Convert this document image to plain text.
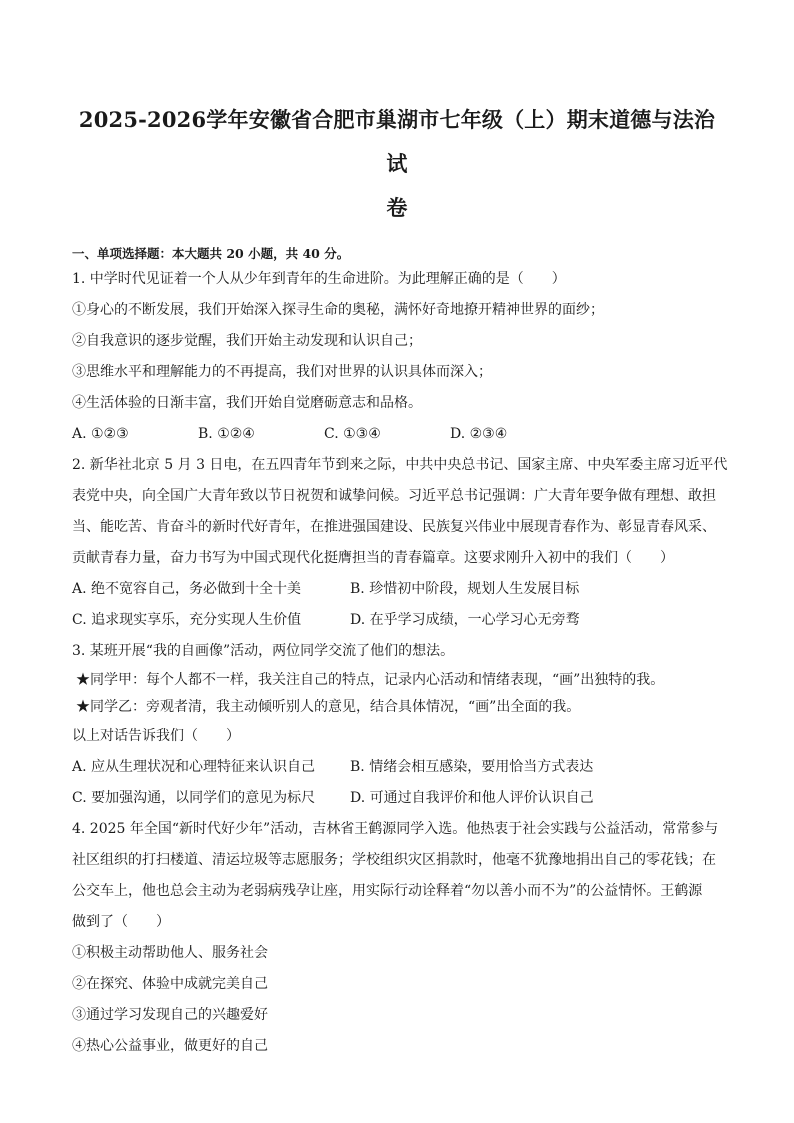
2025-2026学年安徽省合肥市巢湖市七年级（上）期末道德与法治试
卷
一、单项选择题：本大题共 20 小题，共 40 分。
1. 中学时代见证着一个人从少年到青年的生命进阶。为此理解正确的是（　　）
①身心的不断发展，我们开始深入探寻生命的奥秘，满怀好奇地撩开精神世界的面纱；
②自我意识的逐步觉醒，我们开始主动发现和认识自己；
③思维水平和理解能力的不再提高，我们对世界的认识具体而深入；
④生活体验的日渐丰富，我们开始自觉磨砺意志和品格。
A. ①②③	B. ①②④	C. ①③④	D. ②③④
2. 新华社北京 5 月 3 日电，在五四青年节到来之际，中共中央总书记、国家主席、中央军委主席习近平代
表党中央，向全国广大青年致以节日祝贺和诚挚问候。习近平总书记强调：广大青年要争做有理想、敢担
当、能吃苦、肯奋斗的新时代好青年，在推进强国建设、民族复兴伟业中展现青春作为、彰显青春风采、
贡献青春力量，奋力书写为中国式现代化挺膺担当的青春篇章。这要求刚升入初中的我们（　　）
A. 绝不宽容自己，务必做到十全十美	B. 珍惜初中阶段，规划人生发展目标
C. 追求现实享乐，充分实现人生价值	D. 在乎学习成绩，一心学习心无旁骛
3. 某班开展“我的自画像”活动，两位同学交流了他们的想法。
★同学甲：每个人都不一样，我关注自己的特点，记录内心活动和情绪表现，“画”出独特的我。
★同学乙：旁观者清，我主动倾听别人的意见，结合具体情况，“画”出全面的我。
以上对话告诉我们（　　）
A. 应从生理状况和心理特征来认识自己	B. 情绪会相互感染，要用恰当方式表达
C. 要加强沟通，以同学们的意见为标尺	D. 可通过自我评价和他人评价认识自己
4. 2025 年全国“新时代好少年”活动，吉林省王鹤源同学入选。他热衷于社会实践与公益活动，常常参与
社区组织的打扫楼道、清运垃圾等志愿服务；学校组织灾区捐款时，他毫不犹豫地捐出自己的零花钱；在
公交车上，他也总会主动为老弱病残孕让座，用实际行动诠释着“勿以善小而不为”的公益情怀。王鹤源
做到了（　　）
①积极主动帮助他人、服务社会
②在探究、体验中成就完美自己
③通过学习发现自己的兴趣爱好
④热心公益事业，做更好的自己
